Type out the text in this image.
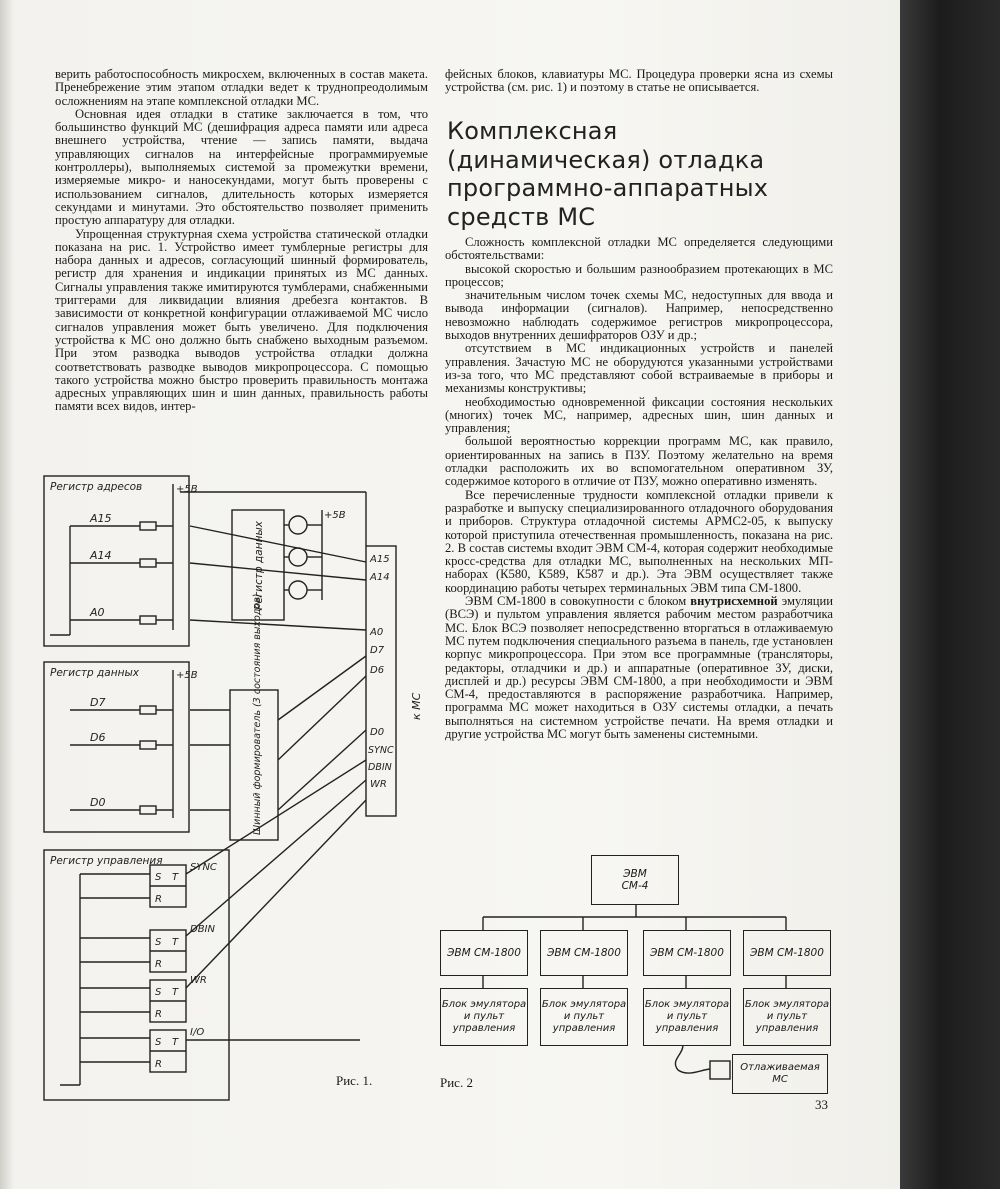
верить работоспособность микросхем, включенных в состав макета. Пренебрежение этим этапом отладки ведет к труднопреодолимым осложнениям на этапе комплексной отладки МС.

Основная идея отладки в статике заключается в том, что большинство функций МС (дешифрация адреса памяти или адреса внешнего устройства, чтение — запись памяти, выдача управляющих сигналов на интерфейсные программируемые контроллеры), выполняемых системой за промежутки времени, измеряемые микро- и наносекундами, могут быть проверены с использованием сигналов, длительность которых измеряется секундами и минутами. Это обстоятельство позволяет применить простую аппаратуру для отладки.

Упрощенная структурная схема устройства статической отладки показана на рис. 1. Устройство имеет тумблерные регистры для набора данных и адресов, согласующий шинный формирователь, регистр для хранения и индикации принятых из МС данных. Сигналы управления также имитируются тумблерами, снабженными триггерами для ликвидации влияния дребезга контактов. В зависимости от конкретной конфигурации отлаживаемой МС число сигналов управления может быть увеличено. Для подключения устройства к МС оно должно быть снабжено выходным разъемом. При этом разводка выводов устройства отладки должна соответствовать разводке выводов микропроцессора. С помощью такого устройства можно быстро проверить правильность монтажа адресных управляющих шин и шин данных, правильность работы памяти всех видов, интер-

фейсных блоков, клавиатуры МС. Процедура проверки ясна из схемы устройства (см. рис. 1) и поэтому в статье не описывается.

Комплексная
(динамическая) отладка
программно-аппаратных
средств МС

Сложность комплексной отладки МС определяется следующими обстоятельствами:

высокой скоростью и большим разнообразием протекающих в МС процессов;

значительным числом точек схемы МС, недоступных для ввода и вывода информации (сигналов). Например, непосредственно невозможно наблюдать содержимое регистров микропроцессора, выходов внутренних дешифраторов ОЗУ и др.;

отсутствием в МС индикационных устройств и панелей управления. Зачастую МС не оборудуются указанными устройствами из-за того, что МС представляют собой встраиваемые в приборы и механизмы конструктивы;

необходимостью одновременной фиксации состояния нескольких (многих) точек МС, например, адресных шин, шин данных и управления;

большой вероятностью коррекции программ МС, как правило, ориентированных на запись в ПЗУ. Поэтому желательно на время отладки расположить их во вспомогательном оперативном ЗУ, содержимое которого в отличие от ПЗУ, можно оперативно изменять.

Все перечисленные трудности комплексной отладки привели к разработке и выпуску специализированного отладочного оборудования и приборов. Структура отладочной системы АРМС2-05, к выпуску которой приступила отечественная промышленность, показана на рис. 2. В состав системы входит ЭВМ СМ-4, которая содержит необходимые кросс-средства для отладки МС, выполненных на нескольких МП-наборах (К580, К589, К587 и др.). Эта ЭВМ осуществляет также координацию работы четырех терминальных ЭВМ типа СМ-1800.

ЭВМ СМ-1800 в совокупности с блоком внутрисхемной эмуляции (ВСЭ) и пультом управления является рабочим местом разработчика МС. Блок ВСЭ позволяет непосредственно вторгаться в отлаживаемую МС путем подключения специального разъема в панель, где установлен корпус микропроцессора. При этом все программные (трансляторы, редакторы, отладчики и др.) и аппаратные (оперативное ЗУ, диски, дисплей и др.) ресурсы ЭВМ СМ-1800, а при необходимости и ЭВМ СМ-4, предоставляются в распоряжение разработчика. Например, программа МС может находиться в ОЗУ системы отладки, а печать выполняться на системном устройстве печати. На время отладки и другие устройства МС могут быть заменены системными.

Регистр адресов	+5В
A15
A14
A0
Регистр данных	+5В
D7
D6
D0
Регистр данных
Шинный формирователь (3 состояния выходов)
+5В
A15
A14
A0
D7
D6
D0
SYNC
DBIN
WR
к МС
Регистр управления
SYNC
DBIN
WR
I/O
S
R
T
S
R
T
S
R
T
S
R
T
Рис. 1.
ЭВМ
СМ-4
ЭВМ СМ-1800	ЭВМ СМ-1800	ЭВМ СМ-1800	ЭВМ СМ-1800
Блок эмулятора и пульт управления
Блок эмулятора и пульт управления
Блок эмулятора и пульт управления
Блок эмулятора и пульт управления
Отлаживаемая МС
Рис. 2
33
